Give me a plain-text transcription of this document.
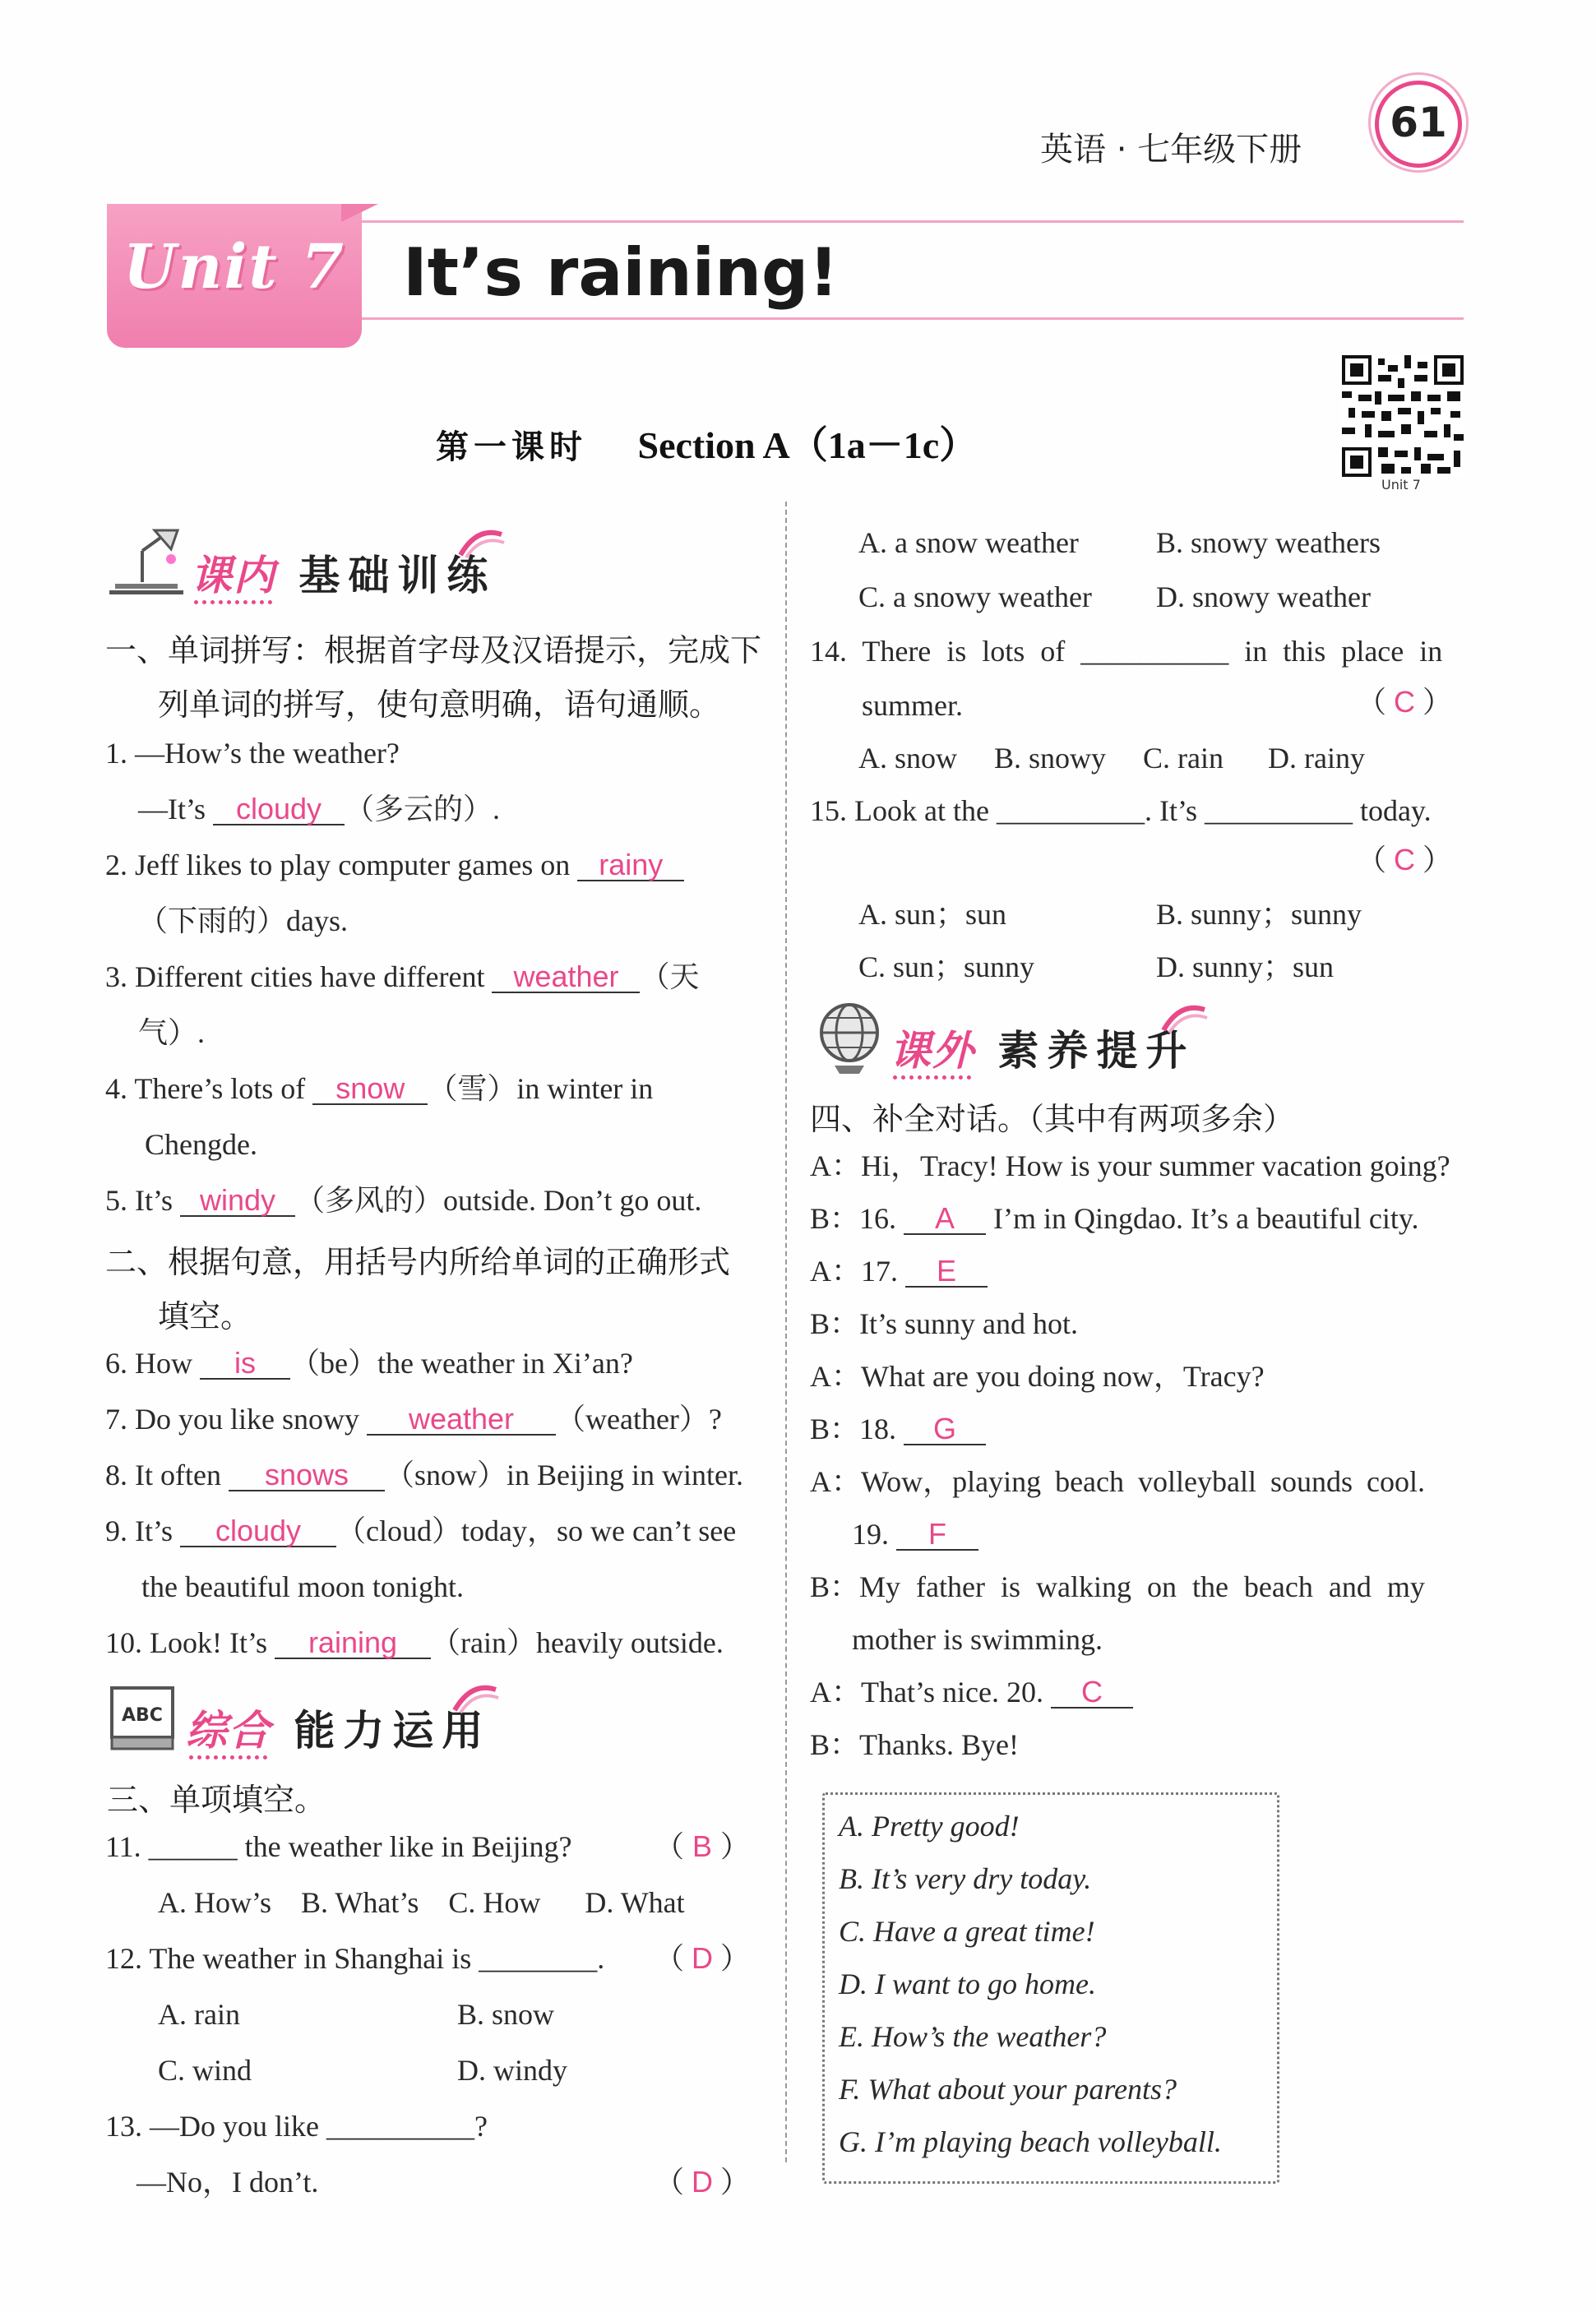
英语 · 七年级下册
61
Unit 7 It’s raining!
第一课时 Section A（1a－1c）
Unit 7
课内 基础训练
一、单词拼写：根据首字母及汉语提示，完成下
列单词的拼写，使句意明确，语句通顺。
1. —How’s the weather?
—It’s cloudy （多云的）.
2. Jeff likes to play computer games on rainy
（下雨的）days.
3. Different cities have different weather （天
气）.
4. There’s lots of snow （雪）in winter in
Chengde.
5. It’s windy （多风的）outside. Don’t go out.
二、根据句意，用括号内所给单词的正确形式
填空。
6. How is （be）the weather in Xi’an?
7. Do you like snowy weather （weather）?
8. It often snows （snow）in Beijing in winter.
9. It’s cloudy （cloud）today，so we can’t see
the beautiful moon tonight.
10. Look! It’s raining （rain）heavily outside.
ABC 综合 能力运用
三、单项填空。
11. ______ the weather like in Beijing?	（ B ）
A. How’s    B. What’s    C. How      D. What
12. The weather in Shanghai is ________. （ D ）
A. rain	B. snow
C. wind	D. windy
13. —Do you like __________?
—No，I don’t.	（ D ）
A. a snow weather	B. snowy weathers
C. a snowy weather D. snowy weather
14. There is lots of __________ in this place in
summer.	（ C ）
A. snow     B. snowy     C. rain      D. rainy
15. Look at the __________. It’s __________ today.
（ C ）
A. sun；sun	B. sunny；sunny
C. sun；sunny	D. sunny；sun
课外 素养提升
四、补全对话。（其中有两项多余）
A：Hi，Tracy! How is your summer vacation going?
B：16. A I’m in Qingdao. It’s a beautiful city.
A：17. E
B：It’s sunny and hot.
A：What are you doing now，Tracy?
B：18. G
A：Wow，playing beach volleyball sounds cool.
19. F
B：My father is walking on the beach and my
mother is swimming.
A：That’s nice. 20. C
B：Thanks. Bye!
A. Pretty good!
B. It’s very dry today.
C. Have a great time!
D. I want to go home.
E. How’s the weather?
F. What about your parents?
G. I’m playing beach volleyball.
